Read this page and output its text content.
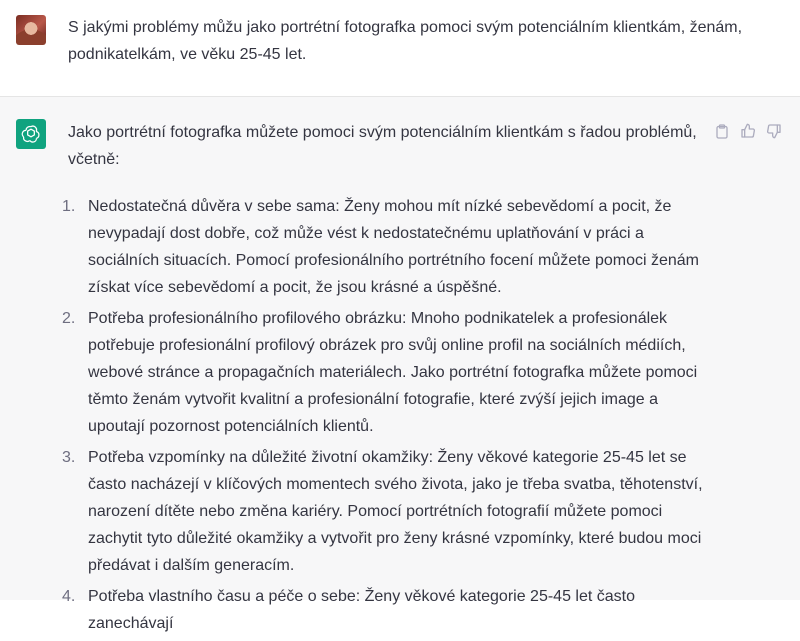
S jakými problémy můžu jako portrétní fotografka pomoci svým potenciálním klientkám, ženám, podnikatelkám, ve věku 25-45 let.

Jako portrétní fotografka můžete pomoci svým potenciálním klientkám s řadou problémů, včetně:

1. Nedostatečná důvěra v sebe sama: Ženy mohou mít nízké sebevědomí a pocit, že nevypadají dost dobře, což může vést k nedostatečnému uplatňování v práci a sociálních situacích. Pomocí profesionálního portrétního focení můžete pomoci ženám získat více sebevědomí a pocit, že jsou krásné a úspěšné.
2. Potřeba profesionálního profilového obrázku: Mnoho podnikatelek a profesionálek potřebuje profesionální profilový obrázek pro svůj online profil na sociálních médiích, webové stránce a propagačních materiálech. Jako portrétní fotografka můžete pomoci těmto ženám vytvořit kvalitní a profesionální fotografie, které zvýší jejich image a upoutají pozornost potenciálních klientů.
3. Potřeba vzpomínky na důležité životní okamžiky: Ženy věkové kategorie 25-45 let se často nacházejí v klíčových momentech svého života, jako je třeba svatba, těhotenství, narození dítěte nebo změna kariéry. Pomocí portrétních fotografií můžete pomoci zachytit tyto důležité okamžiky a vytvořit pro ženy krásné vzpomínky, které budou moci předávat i dalším generacím.
4. Potřeba vlastního času a péče o sebe: Ženy věkové kategorie 25-45 let často zanechávají
